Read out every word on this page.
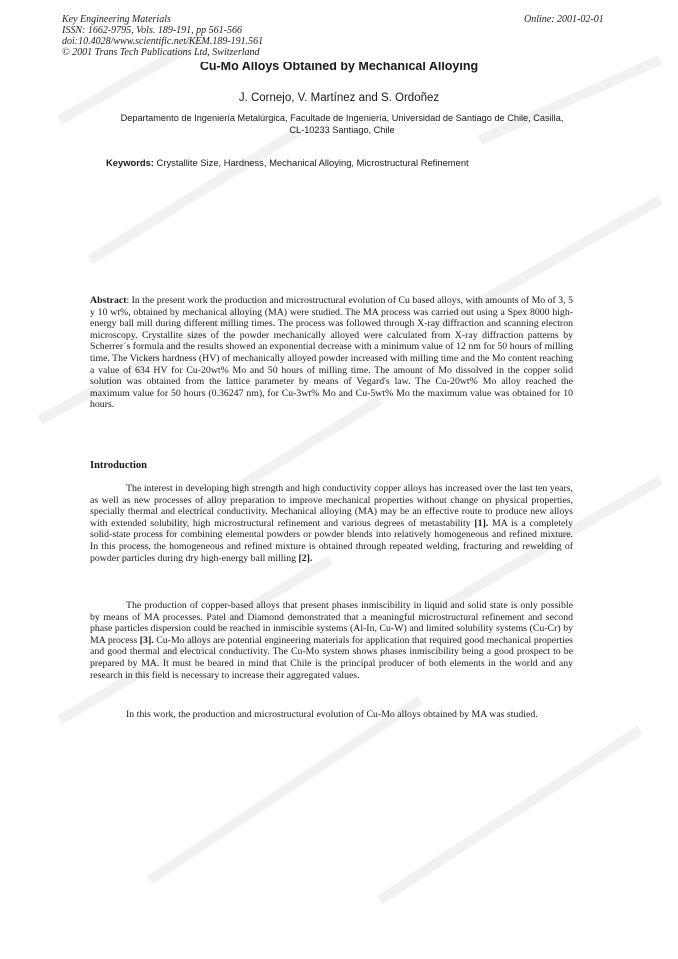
Key Engineering Materials
ISSN: 1662-9795, Vols. 189-191, pp 561-566
doi:10.4028/www.scientific.net/KEM.189-191.561
© 2001 Trans Tech Publications Ltd, Switzerland
Online: 2001-02-01
Cu-Mo Alloys Obtained by Mechanical Alloying
J. Cornejo, V. Martínez and S. Ordoñez
Departamento de Ingeniería Metalúrgica, Facultade de Ingeniería, Universidad de Santiago de Chile, Casilla, CL-10233 Santiago, Chile
Keywords: Crystallite Size, Hardness, Mechanical Alloying, Microstructural Refinement
Abstract: In the present work the production and microstructural evolution of Cu based alloys, with amounts of Mo of 3, 5 y 10 wt%, obtained by mechanical alloying (MA) were studied. The MA process was carried out using a Spex 8000 high-energy ball mill during different milling times. The process was followed through X-ray diffraction and scanning electron microscopy. Crystallite sizes of the powder mechanically alloyed were calculated from X-ray diffraction patterns by Scherrer´s formula and the results showed an exponential decrease with a minimum value of 12 nm for 50 hours of milling time. The Vickers hardness (HV) of mechanically alloyed powder increased with milling time and the Mo content reaching a value of 634 HV for Cu-20wt% Mo and 50 hours of milling time. The amount of Mo dissolved in the copper solid solution was obtained from the lattice parameter by means of Vegard's law. The Cu-20wt% Mo alloy reached the maximum value for 50 hours (0.36247 nm), for Cu-3wt% Mo and Cu-5wt% Mo the maximum value was obtained for 10 hours.
Introduction
The interest in developing high strength and high conductivity copper alloys has increased over the last ten years, as well as new processes of alloy preparation to improve mechanical properties without change on physical properties, specially thermal and electrical conductivity. Mechanical alloying (MA) may be an effective route to produce new alloys with extended solubility, high microstructural refinement and various degrees of metastability [1]. MA is a completely solid-state process for combining elemental powders or powder blends into relatively homogeneous and refined mixture. In this process, the homogeneous and refined mixture is obtained through repeated welding, fracturing and rewelding of powder particles during dry high-energy ball milling [2].
The production of copper-based alloys that present phases inmiscibility in liquid and solid state is only possible by means of MA processes. Patel and Diamond demonstrated that a meaningful microstructural refinement and second phase particles dispersion could be reached in inmiscible systems (Al-In, Cu-W) and limited solubility systems (Cu-Cr) by MA process [3]. Cu-Mo alloys are potential engineering materials for application that required good mechanical properties and good thermal and electrical conductivity. The Cu-Mo system shows phases inmiscibility being a good prospect to be prepared by MA. It must be beared in mind that Chile is the principal producer of both elements in the world and any research in this field is necessary to increase their aggregated values.
In this work, the production and microstructural evolution of Cu-Mo alloys obtained by MA was studied.
